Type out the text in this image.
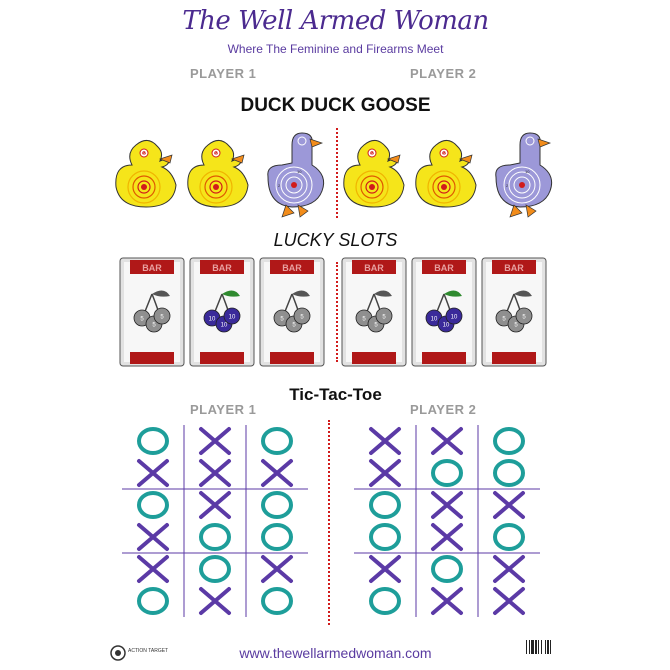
The Well Armed Woman
Where The Feminine and Firearms Meet
PLAYER 1	PLAYER 2
DUCK DUCK GOOSE
20	20
10
2
20	20
10
2
LUCKY SLOTS
BAR
5
5
5
BAR
10
10
10
BAR
5
5
5
BAR
5
5
5
BAR
10
10
10
BAR
5
5
5
Tic-Tac-Toe
PLAYER 1	PLAYER 2
ACTION TARGET	www.thewellarmedwoman.com
